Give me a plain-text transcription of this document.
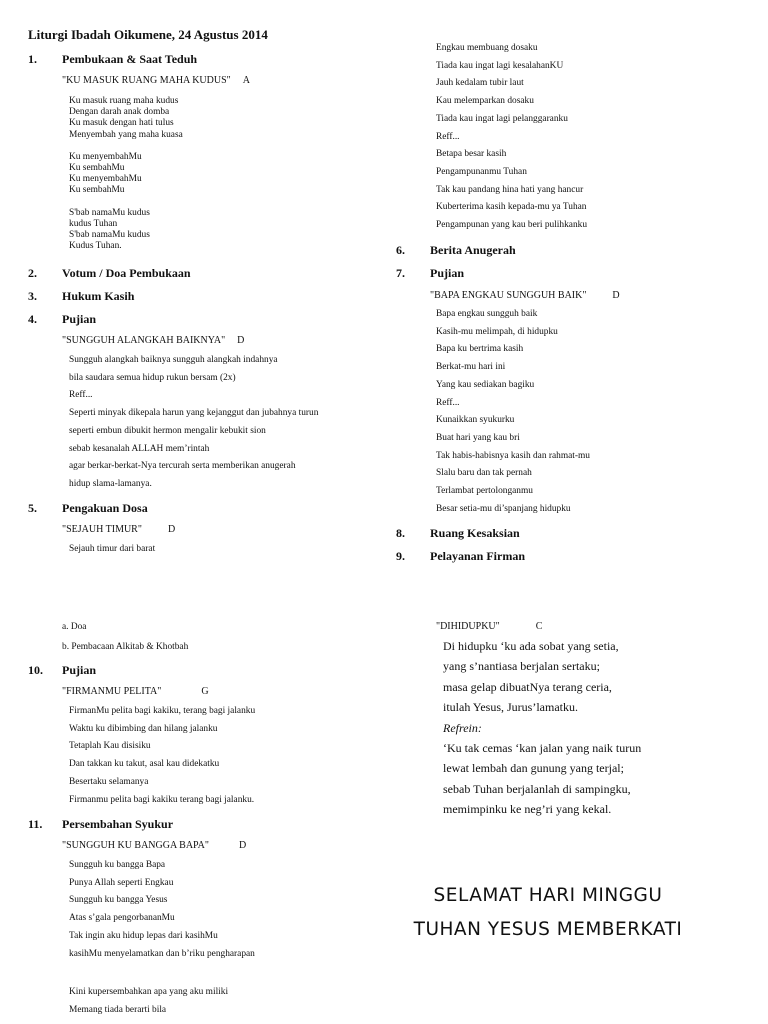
Liturgi Ibadah Oikumene, 24 Agustus 2014
1. Pembukaan & Saat Teduh
"KU MASUK RUANG MAHA KUDUS" A
Ku masuk ruang maha kudus
Dengan darah anak domba
Ku masuk dengan hati tulus
Menyembah yang maha kuasa
Ku menyembahMu
Ku sembahMu
Ku menyembahMu
Ku sembahMu
S'bab namaMu kudus
kudus Tuhan
S'bab namaMu kudus
Kudus Tuhan.
2. Votum / Doa Pembukaan
3. Hukum Kasih
4. Pujian
"SUNGGUH ALANGKAH BAIKNYA" D
Sungguh alangkah baiknya sungguh alangkah indahnya
bila saudara semua hidup rukun bersam (2x)
Reff...
Seperti minyak dikepala harun yang kejanggut dan jubahnya turun
seperti embun dibukit hermon mengalir kebukit sion
sebab kesanalah ALLAH mem’rintah
agar berkar-berkat-Nya tercurah serta memberikan anugerah
hidup slama-lamanya.
5. Pengakuan Dosa
"SEJAUH TIMUR"	D
Sejauh timur dari barat
a. Doa
b. Pembacaan Alkitab & Khotbah
10. Pujian
"FIRMANMU PELITA"	G
FirmanMu pelita bagi kakiku, terang bagi jalanku
Waktu ku dibimbing dan hilang jalanku
Tetaplah Kau disisiku
Dan takkan ku takut, asal kau didekatku
Besertaku selamanya
Firmanmu pelita bagi kakiku terang bagi jalanku.
11. Persembahan Syukur
"SUNGGUH KU BANGGA BAPA"	D
Sungguh ku bangga Bapa
Punya Allah seperti Engkau
Sungguh ku bangga Yesus
Atas s’gala pengorbananMu
Tak ingin aku hidup lepas dari kasihMu
kasihMu menyelamatkan dan b’riku pengharapan
Kini kupersembahkan apa yang aku miliki
Memang tiada berarti bila
Engkau membuang dosaku
Tiada kau ingat lagi kesalahanKU
Jauh kedalam tubir laut
Kau melemparkan dosaku
Tiada kau ingat lagi pelanggaranku
Reff...
Betapa besar kasih
Pengampunanmu Tuhan
Tak kau pandang hina hati yang hancur
Kuberterima kasih kepada-mu ya Tuhan
Pengampunan yang kau beri pulihkanku
6. Berita Anugerah
7. Pujian
"BAPA ENGKAU SUNGGUH BAIK"	D
Bapa engkau sungguh baik
Kasih-mu melimpah, di hidupku
Bapa ku bertrima kasih
Berkat-mu hari ini
Yang kau sediakan bagiku
Reff...
Kunaikkan syukurku
Buat hari yang kau bri
Tak habis-habisnya kasih dan rahmat-mu
Slalu baru dan tak pernah
Terlambat pertolonganmu
Besar setia-mu di’spanjang hidupku
8. Ruang Kesaksian
9. Pelayanan Firman
"DIHIDUPKU"	C
Di hidupku ‘ku ada sobat yang setia,
yang s’nantiasa berjalan sertaku;
masa gelap dibuatNya terang ceria,
itulah Yesus, Jurus’lamatku.
Refrein:
‘Ku tak cemas ‘kan jalan yang naik turun
lewat lembah dan gunung yang terjal;
sebab Tuhan berjalanlah di sampingku,
memimpinku ke neg’ri yang kekal.
SELAMAT HARI MINGGU
TUHAN YESUS MEMBERKATI
